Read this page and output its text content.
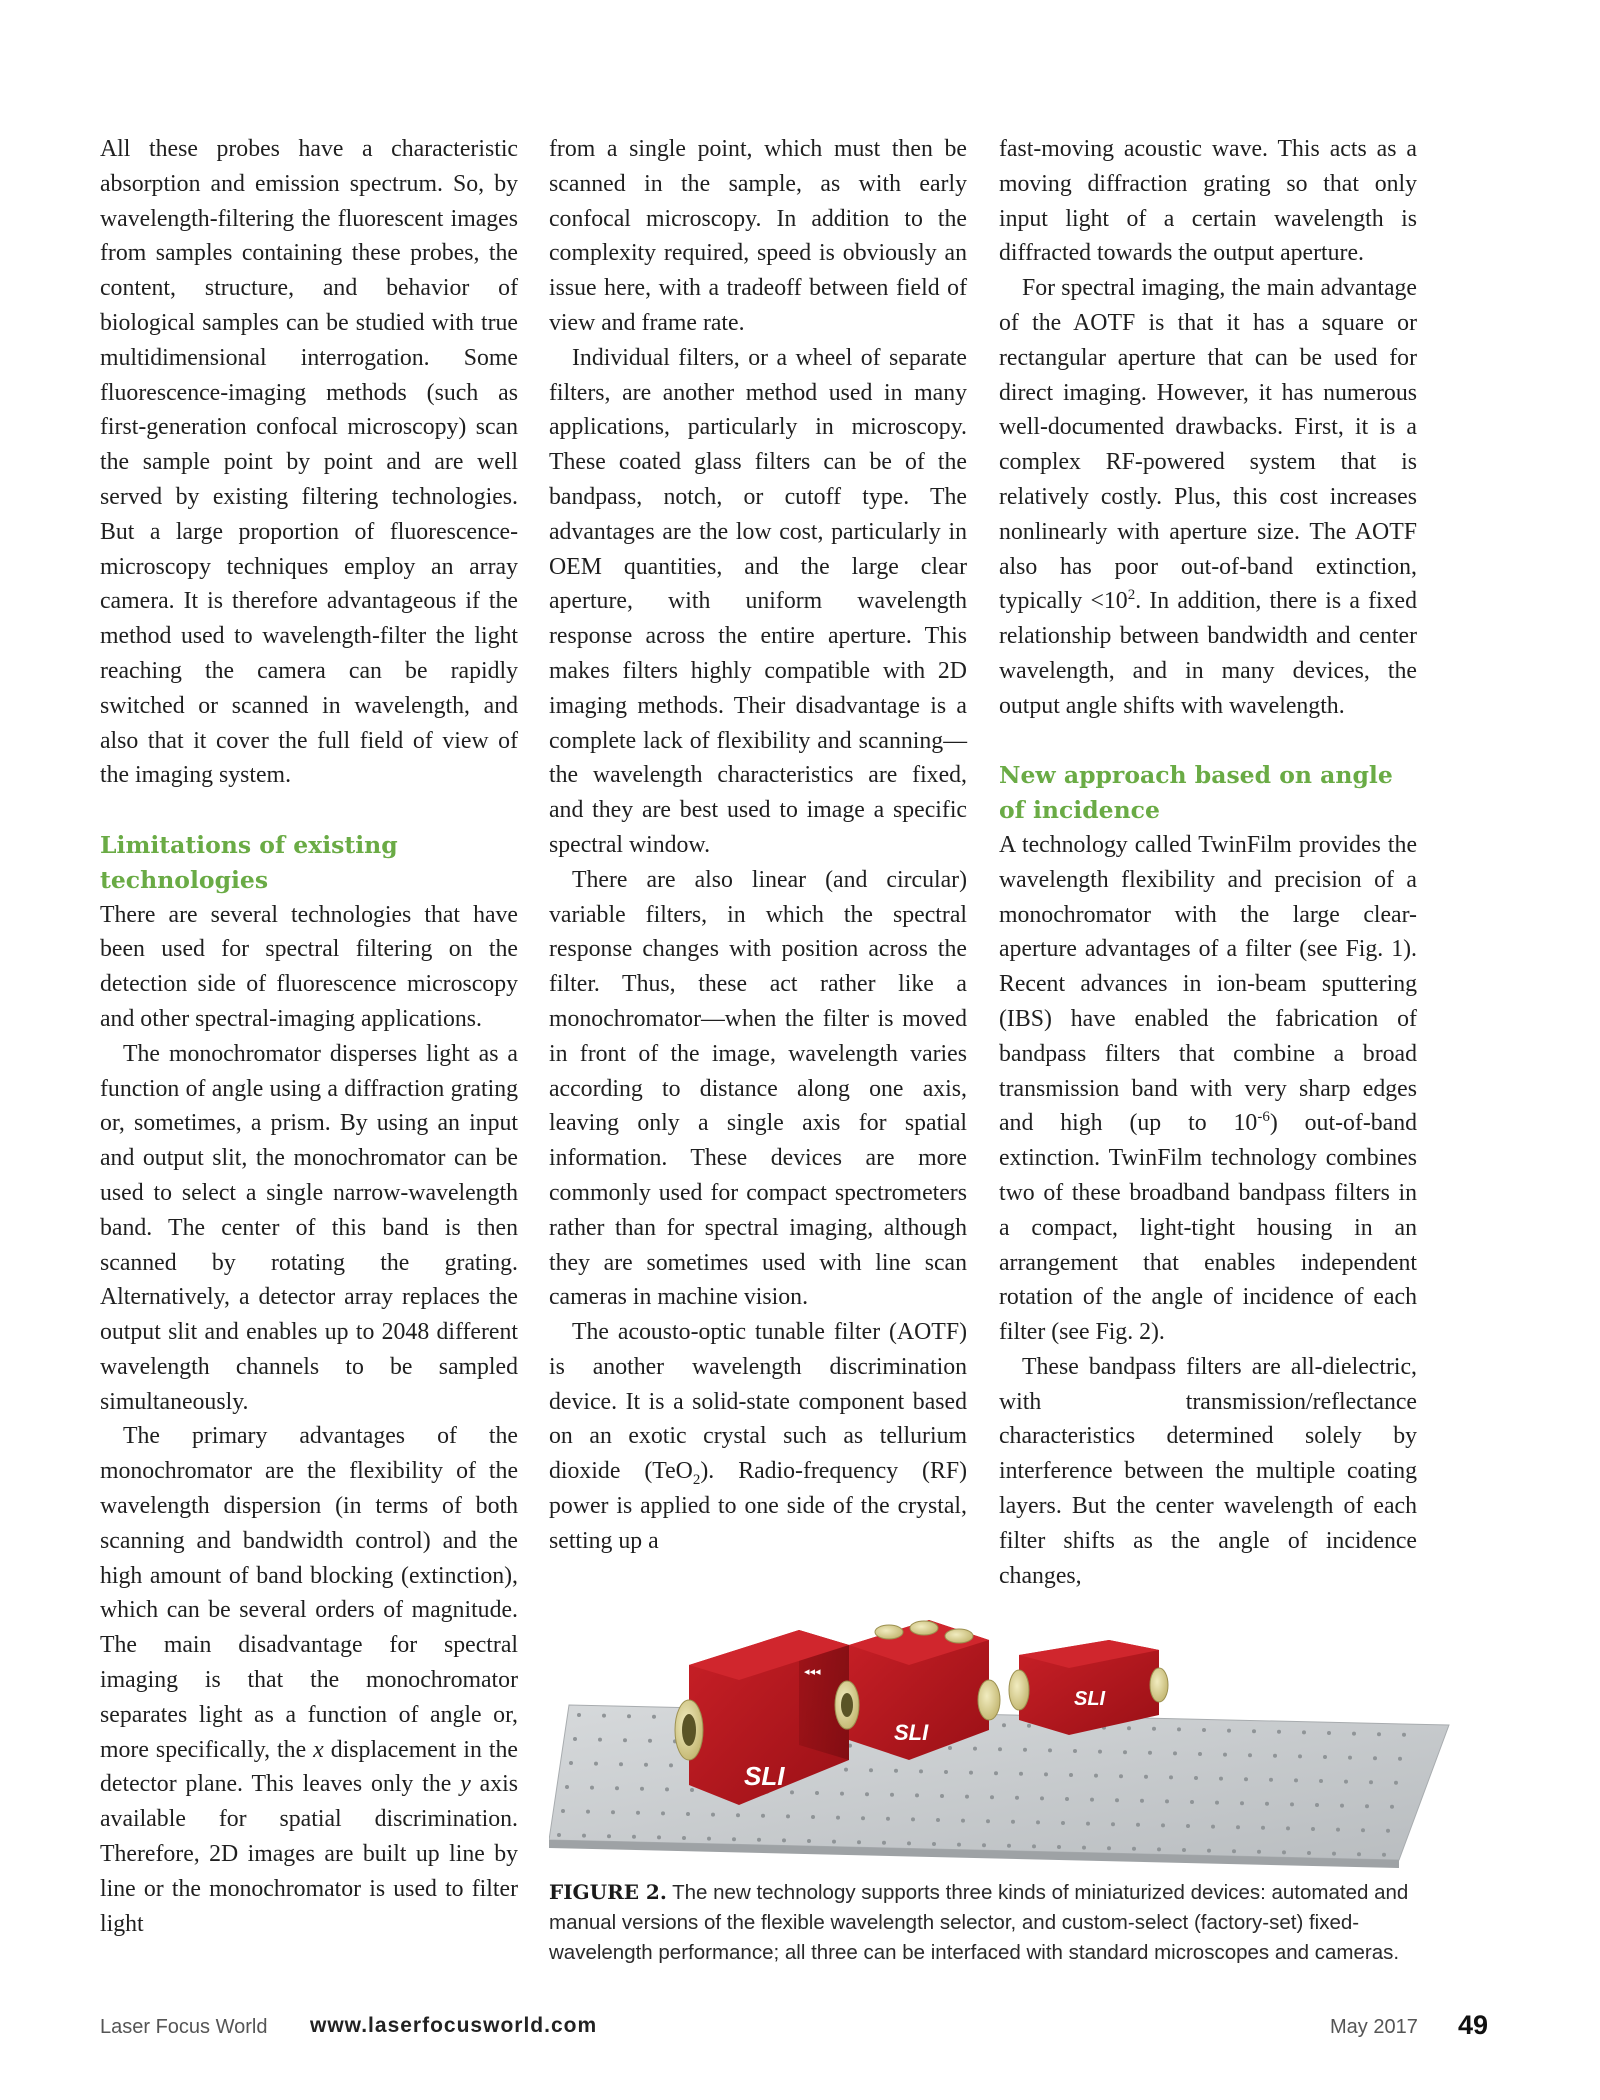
All these probes have a characteristic absorption and emission spectrum. So, by wavelength-filtering the fluorescent images from samples containing these probes, the content, structure, and behavior of biological samples can be studied with true multidimensional interrogation. Some fluorescence-imaging methods (such as first-generation confocal microscopy) scan the sample point by point and are well served by existing filtering technologies. But a large proportion of fluorescence-microscopy techniques employ an array camera. It is therefore advantageous if the method used to wavelength-filter the light reaching the camera can be rapidly switched or scanned in wavelength, and also that it cover the full field of view of the imaging system.

Limitations of existing technologies

There are several technologies that have been used for spectral filtering on the detection side of fluorescence microscopy and other spectral-imaging applications.

The monochromator disperses light as a function of angle using a diffraction grating or, sometimes, a prism. By using an input and output slit, the monochromator can be used to select a single narrow-wavelength band. The center of this band is then scanned by rotating the grating. Alternatively, a detector array replaces the output slit and enables up to 2048 different wavelength channels to be sampled simultaneously.

The primary advantages of the monochromator are the flexibility of the wavelength dispersion (in terms of both scanning and bandwidth control) and the high amount of band blocking (extinction), which can be several orders of magnitude. The main disadvantage for spectral imaging is that the monochromator separates light as a function of angle or, more specifically, the x displacement in the detector plane. This leaves only the y axis available for spatial discrimination. Therefore, 2D images are built up line by line or the monochromator is used to filter light

from a single point, which must then be scanned in the sample, as with early confocal microscopy. In addition to the complexity required, speed is obviously an issue here, with a tradeoff between field of view and frame rate.

Individual filters, or a wheel of separate filters, are another method used in many applications, particularly in microscopy. These coated glass filters can be of the bandpass, notch, or cutoff type. The advantages are the low cost, particularly in OEM quantities, and the large clear aperture, with uniform wavelength response across the entire aperture. This makes filters highly compatible with 2D imaging methods. Their disadvantage is a complete lack of flexibility and scanning—the wavelength characteristics are fixed, and they are best used to image a specific spectral window.

There are also linear (and circular) variable filters, in which the spectral response changes with position across the filter. Thus, these act rather like a monochromator—when the filter is moved in front of the image, wavelength varies according to distance along one axis, leaving only a single axis for spatial information. These devices are more commonly used for compact spectrometers rather than for spectral imaging, although they are sometimes used with line scan cameras in machine vision.

The acousto-optic tunable filter (AOTF) is another wavelength discrimination device. It is a solid-state component based on an exotic crystal such as tellurium dioxide (TeO$_2$). Radio-frequency (RF) power is applied to one side of the crystal, setting up a

fast-moving acoustic wave. This acts as a moving diffraction grating so that only input light of a certain wavelength is diffracted towards the output aperture.

For spectral imaging, the main advantage of the AOTF is that it has a square or rectangular aperture that can be used for direct imaging. However, it has numerous well-documented drawbacks. First, it is a complex RF-powered system that is relatively costly. Plus, this cost increases nonlinearly with aperture size. The AOTF also has poor out-of-band extinction, typically $<10^2$. In addition, there is a fixed relationship between bandwidth and center wavelength, and in many devices, the output angle shifts with wavelength.

New approach based on angle of incidence

A technology called TwinFilm provides the wavelength flexibility and precision of a monochromator with the large clear-aperture advantages of a filter (see Fig. 1). Recent advances in ion-beam sputtering (IBS) have enabled the fabrication of bandpass filters that combine a broad transmission band with very sharp edges and high (up to $10^{-6}$) out-of-band extinction. TwinFilm technology combines two of these broadband bandpass filters in a compact, light-tight housing in an arrangement that enables independent rotation of the angle of incidence of each filter (see Fig. 2).

These bandpass filters are all-dielectric, with transmission/reflectance characteristics determined solely by interference between the multiple coating layers. But the center wavelength of each filter shifts as the angle of incidence changes,

SLI
◂◂◂
SLI
SLI
FIGURE 2. The new technology supports three kinds of miniaturized devices: automated and manual versions of the flexible wavelength selector, and custom-select (factory-set) fixed-wavelength performance; all three can be interfaced with standard microscopes and cameras.
Laser Focus World www.laserfocusworld.com	May 2017 49
